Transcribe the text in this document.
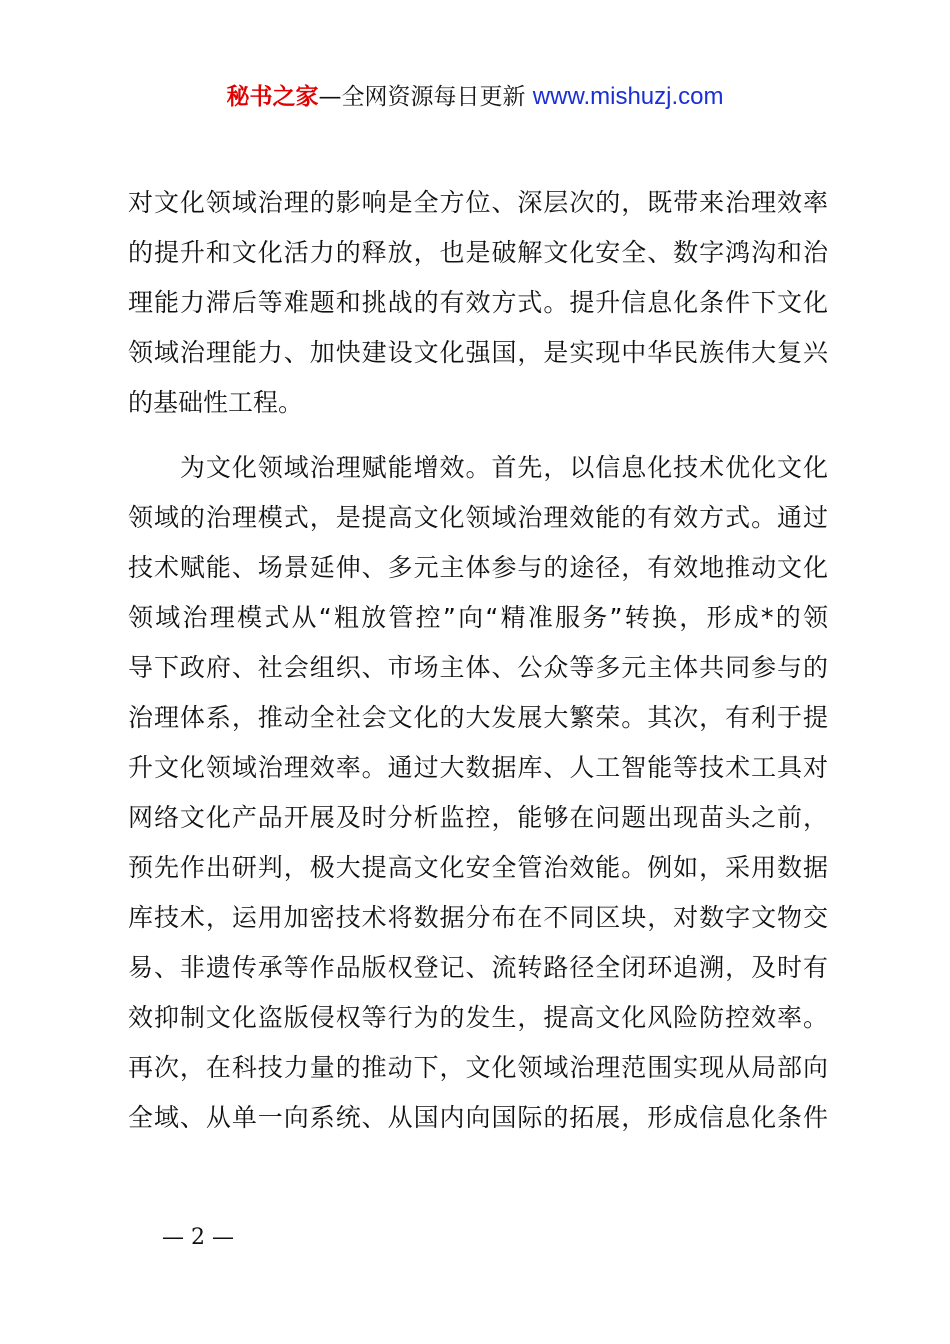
秘书之家—全网资源每日更新 www.mishuzj.com
对文化领域治理的影响是全方位、深层次的，既带来治理效率
的提升和文化活力的释放，也是破解文化安全、数字鸿沟和治
理能力滞后等难题和挑战的有效方式。提升信息化条件下文化
领域治理能力、加快建设文化强国，是实现中华民族伟大复兴
的基础性工程。
　　为文化领域治理赋能增效。首先，以信息化技术优化文化
领域的治理模式，是提高文化领域治理效能的有效方式。通过
技术赋能、场景延伸、多元主体参与的途径，有效地推动文化
领域治理模式从“粗放管控”向“精准服务”转换，形成*的领
导下政府、社会组织、市场主体、公众等多元主体共同参与的
治理体系，推动全社会文化的大发展大繁荣。其次，有利于提
升文化领域治理效率。通过大数据库、人工智能等技术工具对
网络文化产品开展及时分析监控，能够在问题出现苗头之前，
预先作出研判，极大提高文化安全管治效能。例如，采用数据
库技术，运用加密技术将数据分布在不同区块，对数字文物交
易、非遗传承等作品版权登记、流转路径全闭环追溯，及时有
效抑制文化盗版侵权等行为的发生，提高文化风险防控效率。
再次，在科技力量的推动下，文化领域治理范围实现从局部向
全域、从单一向系统、从国内向国际的拓展，形成信息化条件
— 2 —
